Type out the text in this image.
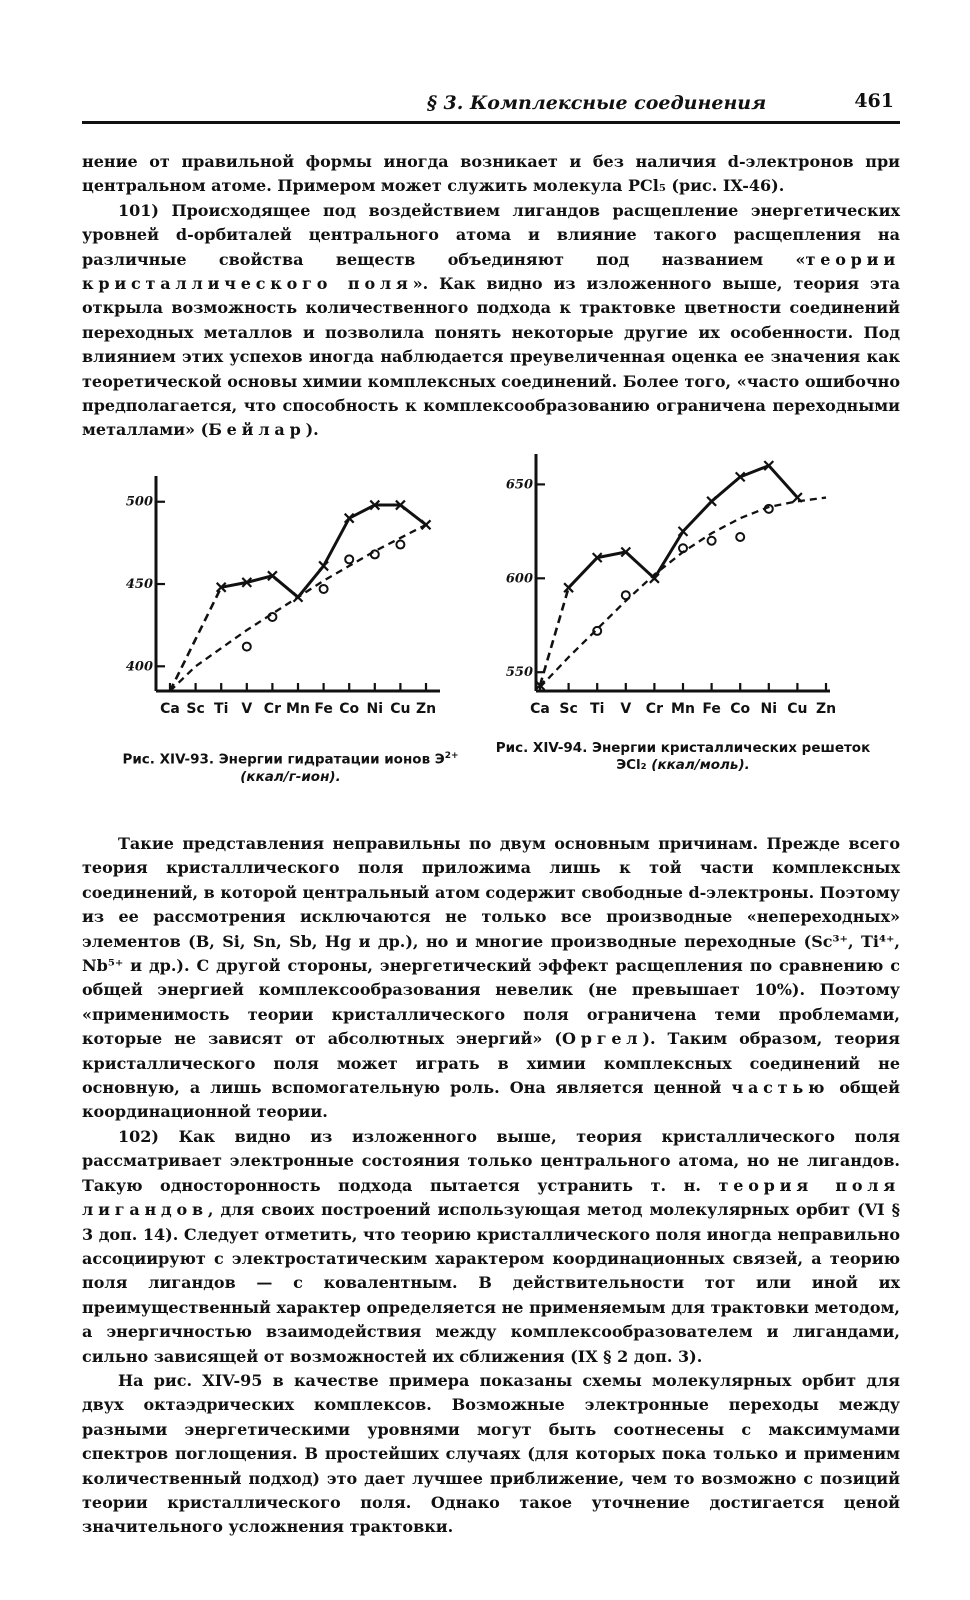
§ 3. Комплексные соединения	461

нение от правильной формы иногда возникает и без наличия d-электронов при центральном атоме. Примером может служить молекула PCl₅ (рис. IX-46).

101) Происходящее под воздействием лигандов расщепление энергетических уровней d-орбиталей центрального атома и влияние такого расщепления на различные свойства веществ объединяют под названием «теории кристаллического поля». Как видно из изложенного выше, теория эта открыла возможность количественного подхода к трактовке цветности соединений переходных металлов и позволила понять некоторые другие их особенности. Под влиянием этих успехов иногда наблюдается преувеличенная оценка ее значения как теоретической основы химии комплексных соединений. Более того, «часто ошибочно предполагается, что способность к комплексообразованию ограничена переходными металлами» (Бейлар).

400
450
500
Ca Sc Ti V Cr Mn Fe Co Ni Cu Zn
Рис. XIV-93. Энергии гидратации ионов $Э^{2+}$
(ккал/г-ион).
550
600
650
Ca Sc Ti V Cr Mn Fe Co Ni Cu Zn
Рис. XIV-94. Энергии кристаллических решеток ЭCl₂ (ккал/моль).

Такие представления неправильны по двум основным причинам. Прежде всего теория кристаллического поля приложима лишь к той части комплексных соединений, в которой центральный атом содержит свободные d-электроны. Поэтому из ее рассмотрения исключаются не только все производные «непереходных» элементов (B, Si, Sn, Sb, Hg и др.), но и многие производные переходные (Sc³⁺, Ti⁴⁺, Nb⁵⁺ и др.). С другой стороны, энергетический эффект расщепления по сравнению с общей энергией комплексообразования невелик (не превышает 10%). Поэтому «применимость теории кристаллического поля ограничена теми проблемами, которые не зависят от абсолютных энергий» (Оргел). Таким образом, теория кристаллического поля может играть в химии комплексных соединений не основную, а лишь вспомогательную роль. Она является ценной частью общей координационной теории.

102) Как видно из изложенного выше, теория кристаллического поля рассматривает электронные состояния только центрального атома, но не лигандов. Такую односторонность подхода пытается устранить т. н. теория поля лигандов, для своих построений использующая метод молекулярных орбит (VI § 3 доп. 14). Следует отметить, что теорию кристаллического поля иногда неправильно ассоциируют с электростатическим характером координационных связей, а теорию поля лигандов — с ковалентным. В действительности тот или иной их преимущественный характер определяется не применяемым для трактовки методом, а энергичностью взаимодействия между комплексообразователем и лигандами, сильно зависящей от возможностей их сближения (IX § 2 доп. 3).

На рис. XIV-95 в качестве примера показаны схемы молекулярных орбит для двух октаэдрических комплексов. Возможные электронные переходы между разными энергетическими уровнями могут быть соотнесены с максимумами спектров поглощения. В простейших случаях (для которых пока только и применим количественный подход) это дает лучшее приближение, чем то возможно с позиций теории кристаллического поля. Однако такое уточнение достигается ценой значительного усложнения трактовки.
